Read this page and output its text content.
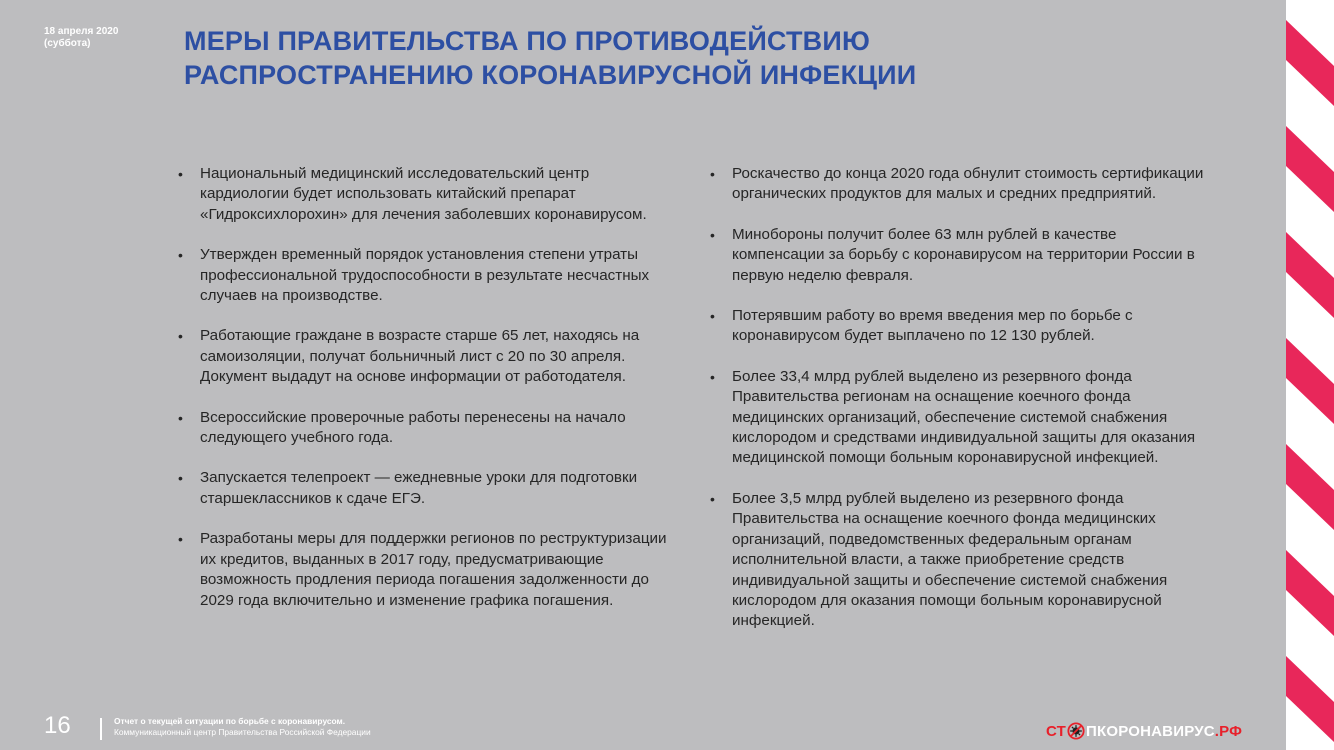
18 апреля 2020
(суббота)	МЕРЫ ПРАВИТЕЛЬСТВА ПО ПРОТИВОДЕЙСТВИЮ
РАСПРОСТРАНЕНИЮ КОРОНАВИРУСНОЙ ИНФЕКЦИИ
• Национальный медицинский исследовательский центр кардиологии будет использовать китайский препарат «Гидроксихлорохин» для лечения заболевших коронавирусом.
• Утвержден временный порядок установления степени утраты профессиональной трудоспособности в результате несчастных случаев на производстве.
• Работающие граждане в возрасте старше 65 лет, находясь на самоизоляции, получат больничный лист с 20 по 30 апреля. Документ выдадут на основе информации от работодателя.
• Всероссийские проверочные работы перенесены на начало следующего учебного года.
• Запускается телепроект — ежедневные уроки для подготовки старшеклассников к сдаче ЕГЭ.
• Разработаны меры для поддержки регионов по реструктуризации их кредитов, выданных в 2017 году, предусматривающие возможность продления периода погашения задолженности до 2029 года включительно и изменение графика погашения.
• Роскачество до конца 2020 года обнулит стоимость сертификации органических продуктов для малых и средних предприятий.
• Минобороны получит более 63 млн рублей в качестве компенсации за борьбу с коронавирусом на территории России в первую неделю февраля.
• Потерявшим работу во время введения мер по борьбе с коронавирусом будет выплачено по 12 130 рублей.
• Более 33,4 млрд рублей выделено из резервного фонда Правительства регионам на оснащение коечного фонда медицинских организаций, обеспечение системой снабжения кислородом и средствами индивидуальной защиты для оказания медицинской помощи больным коронавирусной инфекцией.
• Более 3,5 млрд рублей выделено из резервного фонда Правительства на оснащение коечного фонда медицинских организаций, подведомственных федеральным органам исполнительной власти, а также приобретение средств индивидуальной защиты и обеспечение системой снабжения кислородом для оказания помощи больным коронавирусной инфекцией.
16	Отчет о текущей ситуации по борьбе с коронавирусом.
Коммуникационный центр Правительства Российской Федерации	СТ ПКОРОНАВИРУС .РФ
